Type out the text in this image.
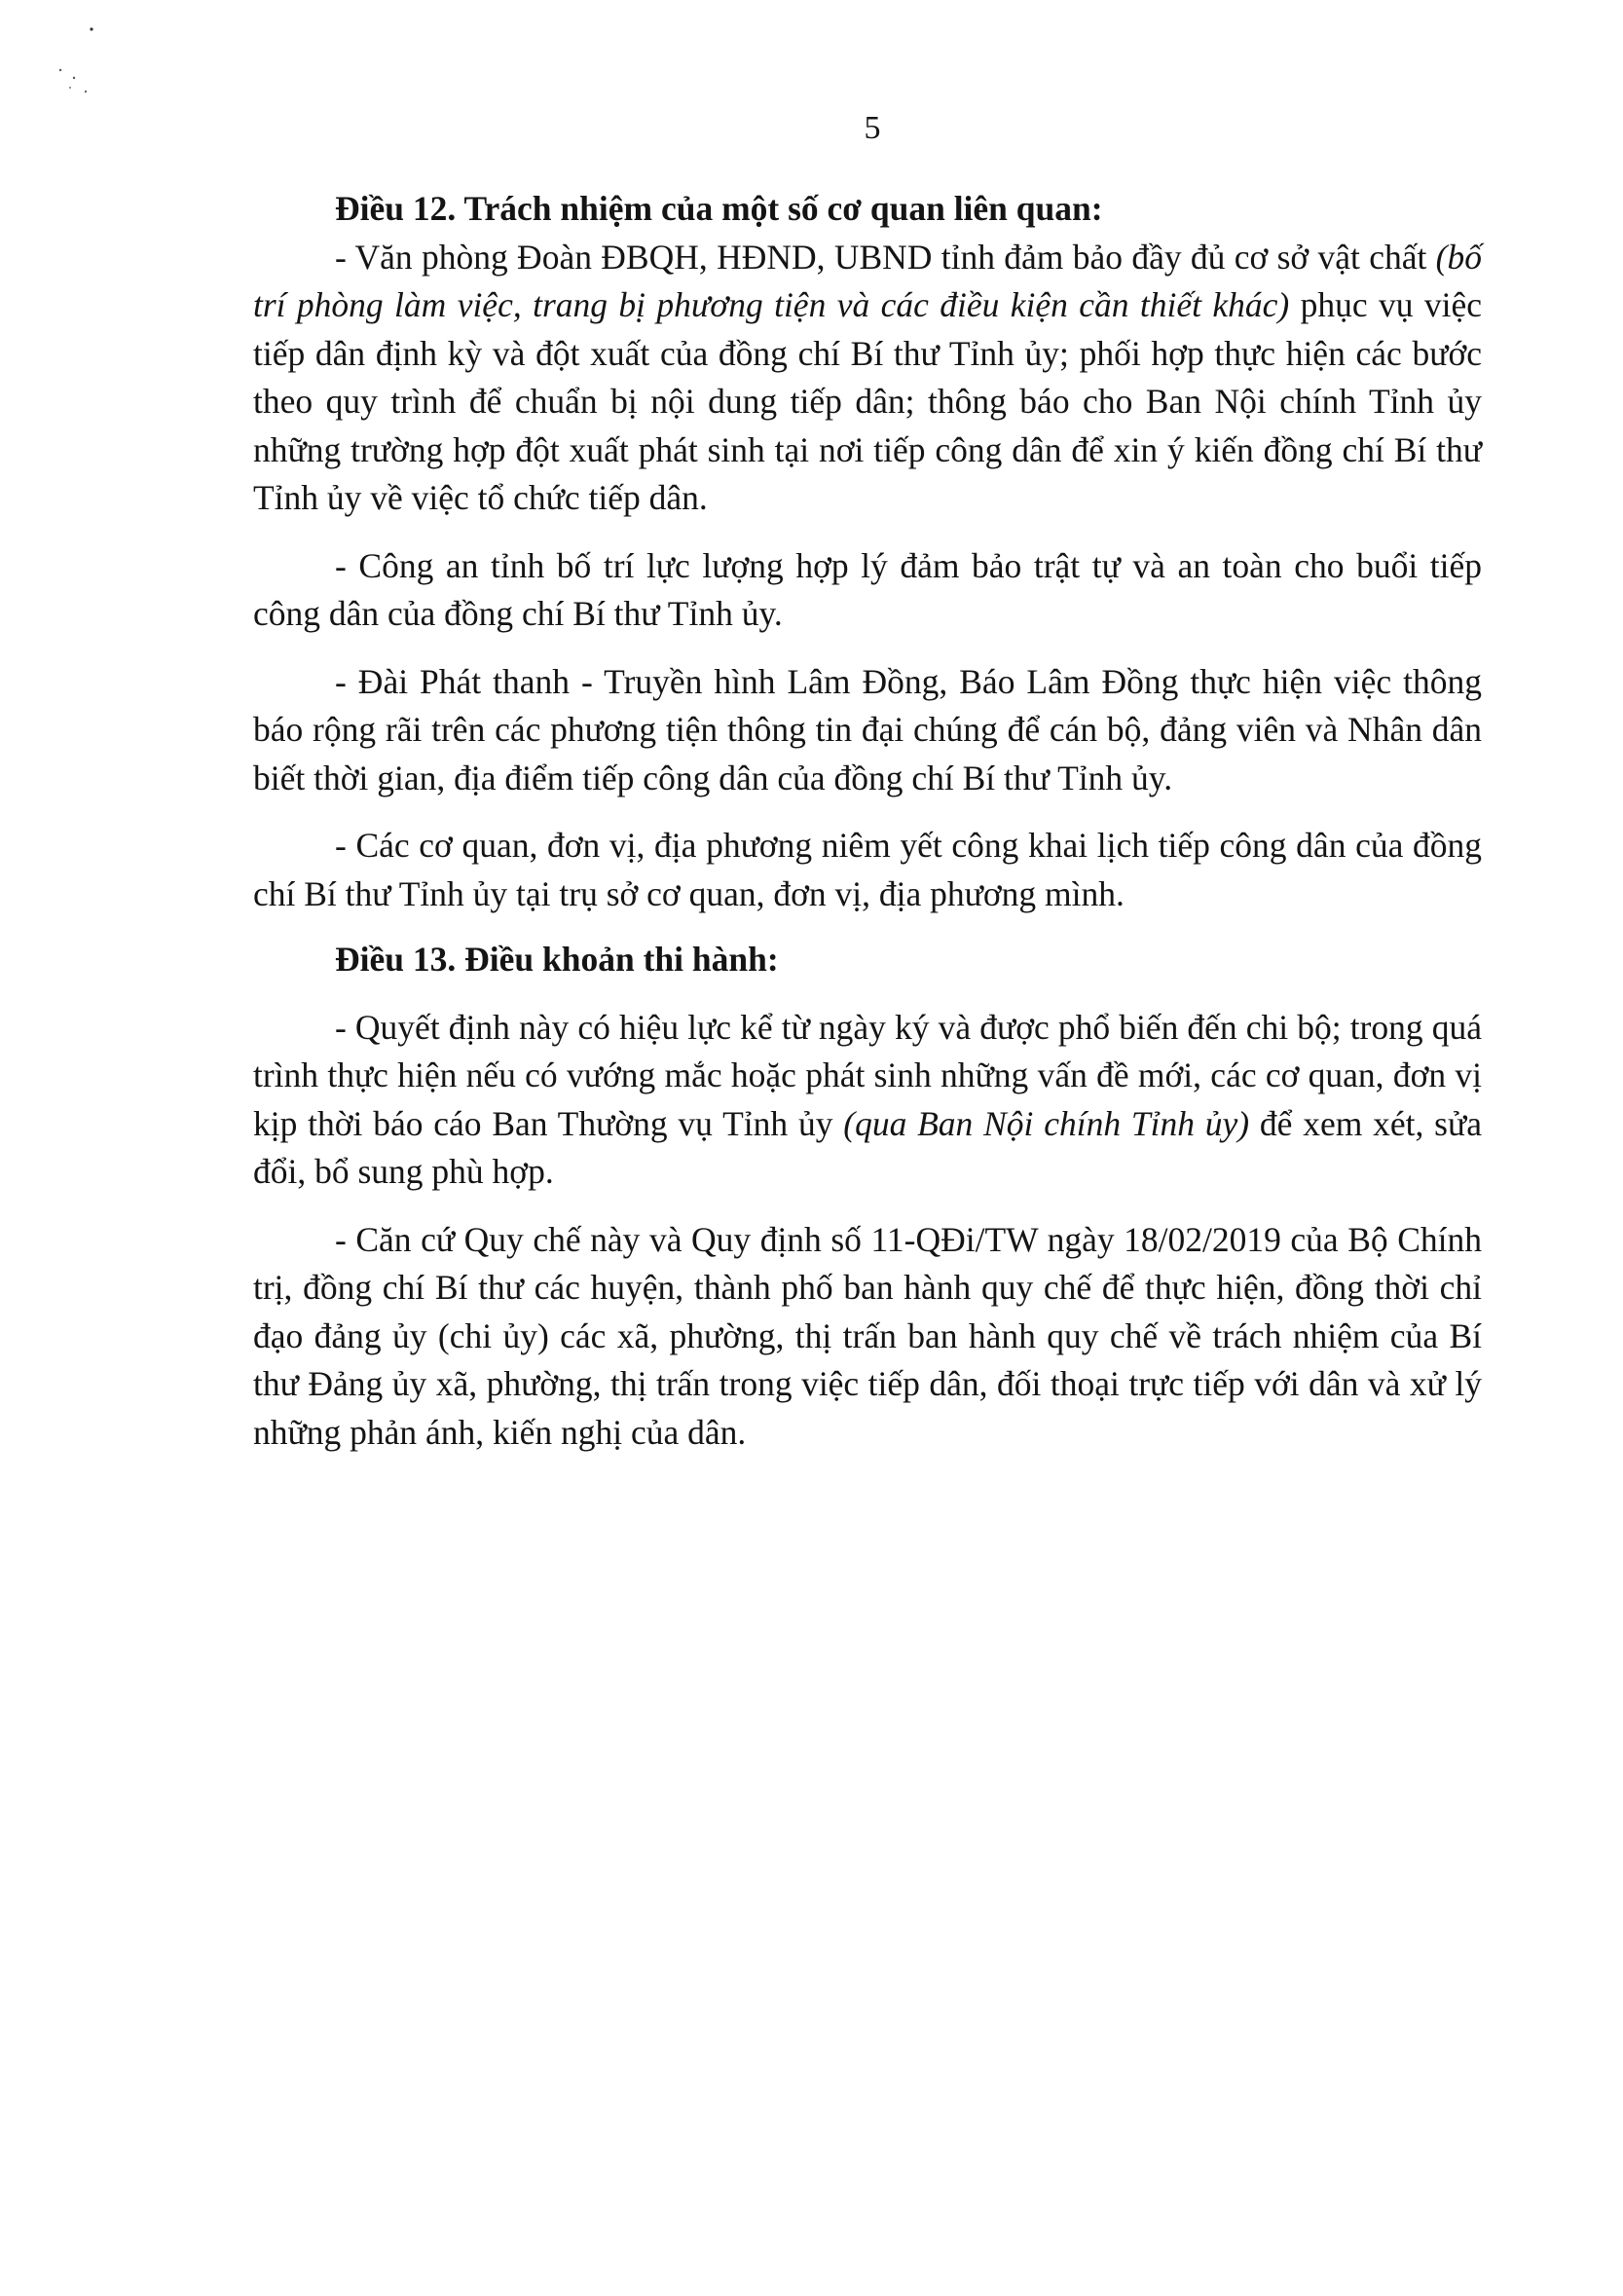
5

Điều 12. Trách nhiệm của một số cơ quan liên quan:

- Văn phòng Đoàn ĐBQH, HĐND, UBND tỉnh đảm bảo đầy đủ cơ sở vật chất (bố trí phòng làm việc, trang bị phương tiện và các điều kiện cần thiết khác) phục vụ việc tiếp dân định kỳ và đột xuất của đồng chí Bí thư Tỉnh ủy; phối hợp thực hiện các bước theo quy trình để chuẩn bị nội dung tiếp dân; thông báo cho Ban Nội chính Tỉnh ủy những trường hợp đột xuất phát sinh tại nơi tiếp công dân để xin ý kiến đồng chí Bí thư Tỉnh ủy về việc tổ chức tiếp dân.

- Công an tỉnh bố trí lực lượng hợp lý đảm bảo trật tự và an toàn cho buổi tiếp công dân của đồng chí Bí thư Tỉnh ủy.

- Đài Phát thanh - Truyền hình Lâm Đồng, Báo Lâm Đồng thực hiện việc thông báo rộng rãi trên các phương tiện thông tin đại chúng để cán bộ, đảng viên và Nhân dân biết thời gian, địa điểm tiếp công dân của đồng chí Bí thư Tỉnh ủy.

- Các cơ quan, đơn vị, địa phương niêm yết công khai lịch tiếp công dân của đồng chí Bí thư Tỉnh ủy tại trụ sở cơ quan, đơn vị, địa phương mình.

Điều 13. Điều khoản thi hành:

- Quyết định này có hiệu lực kể từ ngày ký và được phổ biến đến chi bộ; trong quá trình thực hiện nếu có vướng mắc hoặc phát sinh những vấn đề mới, các cơ quan, đơn vị kịp thời báo cáo Ban Thường vụ Tỉnh ủy (qua Ban Nội chính Tỉnh ủy) để xem xét, sửa đổi, bổ sung phù hợp.

- Căn cứ Quy chế này và Quy định số 11-QĐi/TW ngày 18/02/2019 của Bộ Chính trị, đồng chí Bí thư các huyện, thành phố ban hành quy chế để thực hiện, đồng thời chỉ đạo đảng ủy (chi ủy) các xã, phường, thị trấn ban hành quy chế về trách nhiệm của Bí thư Đảng ủy xã, phường, thị trấn trong việc tiếp dân, đối thoại trực tiếp với dân và xử lý những phản ánh, kiến nghị của dân.
